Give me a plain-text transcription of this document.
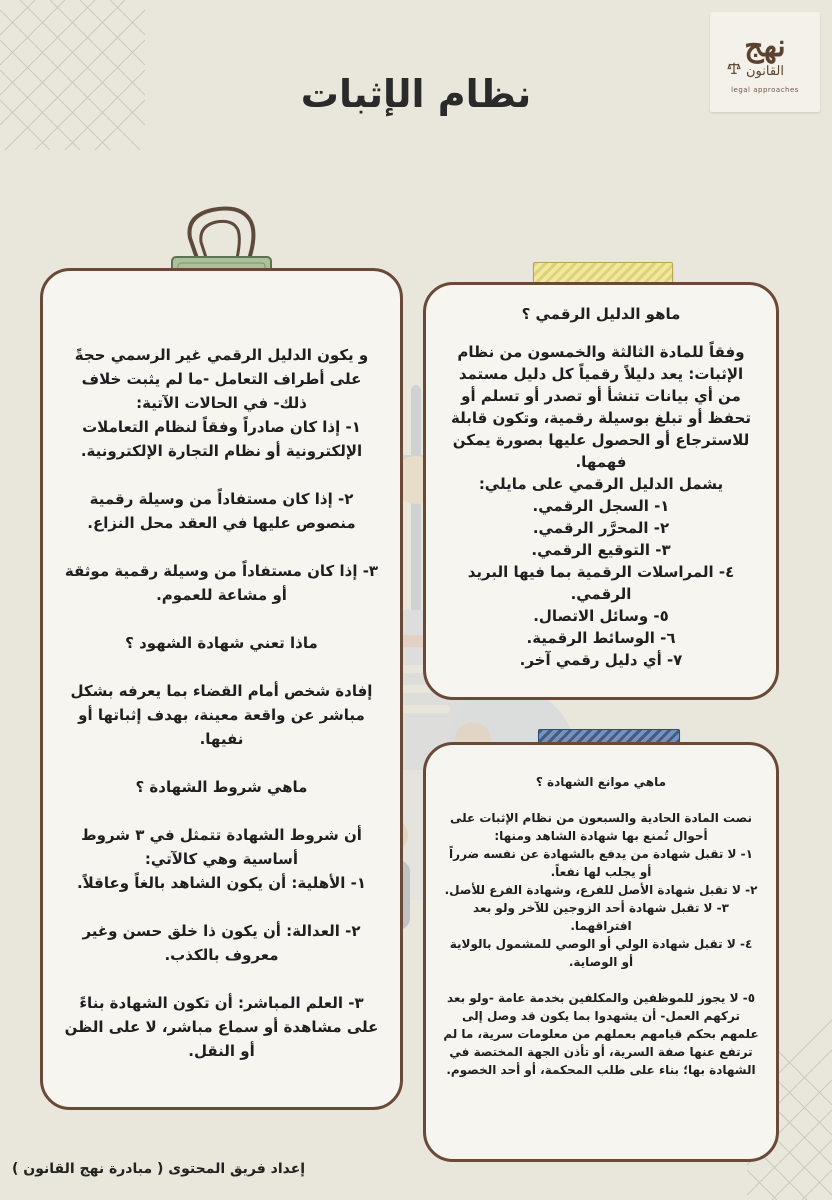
نظام الإثبات
نهج
القانون
legal approaches
ماهو الدليل الرقمي ؟
وفقاً للمادة الثالثة والخمسون من نظام الإثبات: يعد دليلاً رقمياً كل دليل مستمد من أي بيانات تنشأ أو تصدر أو تسلم أو تحفظ أو تبلغ بوسيلة رقمية، وتكون قابلة للاسترجاع أو الحصول عليها بصورة يمكن فهمها.
يشمل الدليل الرقمي على مايلي:
١- السجل الرقمي.
٢- المحرَّر الرقمي.
٣- التوقيع الرقمي.
٤- المراسلات الرقمية بما فيها البريد الرقمي.
٥- وسائل الاتصال.
٦- الوسائط الرقمية.
٧- أي دليل رقمي آخر.
ماهي موانع الشهادة ؟
نصت المادة الحادية والسبعون من نظام الإثبات على أحوال تُمنع بها شهادة الشاهد ومنها:
١- لا تقبل شهادة من يدفع بالشهادة عن نفسه ضرراً أو يجلب لها نفعاً.
٢- لا تقبل شهادة الأصل للفرع، وشهادة الفرع للأصل.
٣- لا تقبل شهادة أحد الزوجين للآخر ولو بعد افتراقهما.
٤- لا تقبل شهادة الولي أو الوصي للمشمول بالولاية أو الوصاية.

٥- لا يجوز للموظفين والمكلفين بخدمة عامة -ولو بعد تركهم العمل- أن يشهدوا بما يكون قد وصل إلى علمهم بحكم قيامهم بعملهم من معلومات سرية، ما لم ترتفع عنها صفة السرية، أو تأذن الجهة المختصة في الشهادة بها؛ بناء على طلب المحكمة، أو أحد الخصوم.
و يكون الدليل الرقمي غير الرسمي حجةً على أطراف التعامل -ما لم يثبت خلاف ذلك- في الحالات الآتية:
١- إذا كان صادراً وفقاً لنظام التعاملات الإلكترونية أو نظام التجارة الإلكترونية.

٢- إذا كان مستفاداً من وسيلة رقمية منصوص عليها في العقد محل النزاع.

٣- إذا كان مستفاداً من وسيلة رقمية موثقة أو مشاعة للعموم.

ماذا تعني شهادة الشهود ؟

إفادة شخص أمام القضاء بما يعرفه بشكل مباشر عن واقعة معينة، بهدف إثباتها أو نفيها.

ماهي شروط الشهادة ؟

أن شروط الشهادة تتمثل في ٣ شروط أساسية وهي كالآتي:
١- الأهلية: أن يكون الشاهد بالغاً وعاقلاً.

٢- العدالة: أن يكون ذا خلق حسن وغير معروف بالكذب.

٣- العلم المباشر: أن تكون الشهادة بناءً على مشاهدة أو سماع مباشر، لا على الظن أو النقل.
إعداد فريق المحتوى ( مبادرة نهج القانون )
